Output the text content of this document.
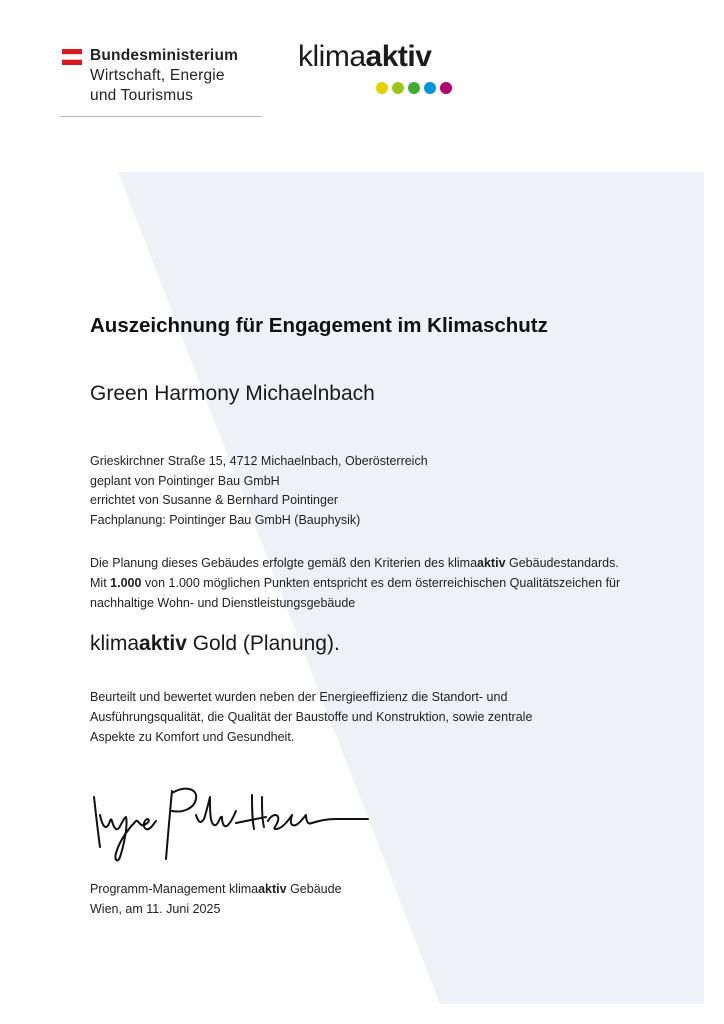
Bundesministerium
Wirtschaft, Energie
und Tourismus
klimaaktiv
Auszeichnung für Engagement im Klimaschutz
Green Harmony Michaelnbach
Grieskirchner Straße 15, 4712 Michaelnbach, Oberösterreich
geplant von Pointinger Bau GmbH
errichtet von Susanne & Bernhard Pointinger
Fachplanung: Pointinger Bau GmbH (Bauphysik)
Die Planung dieses Gebäudes erfolgte gemäß den Kriterien des klimaaktiv Gebäudestandards.
Mit 1.000 von 1.000 möglichen Punkten entspricht es dem österreichischen Qualitätszeichen für
nachhaltige Wohn- und Dienstleistungsgebäude
klimaaktiv Gold (Planung).
Beurteilt und bewertet wurden neben der Energieeffizienz die Standort- und
Ausführungsqualität, die Qualität der Baustoffe und Konstruktion, sowie zentrale
Aspekte zu Komfort und Gesundheit.
Programm-Management klimaaktiv Gebäude
Wien, am 11. Juni 2025
